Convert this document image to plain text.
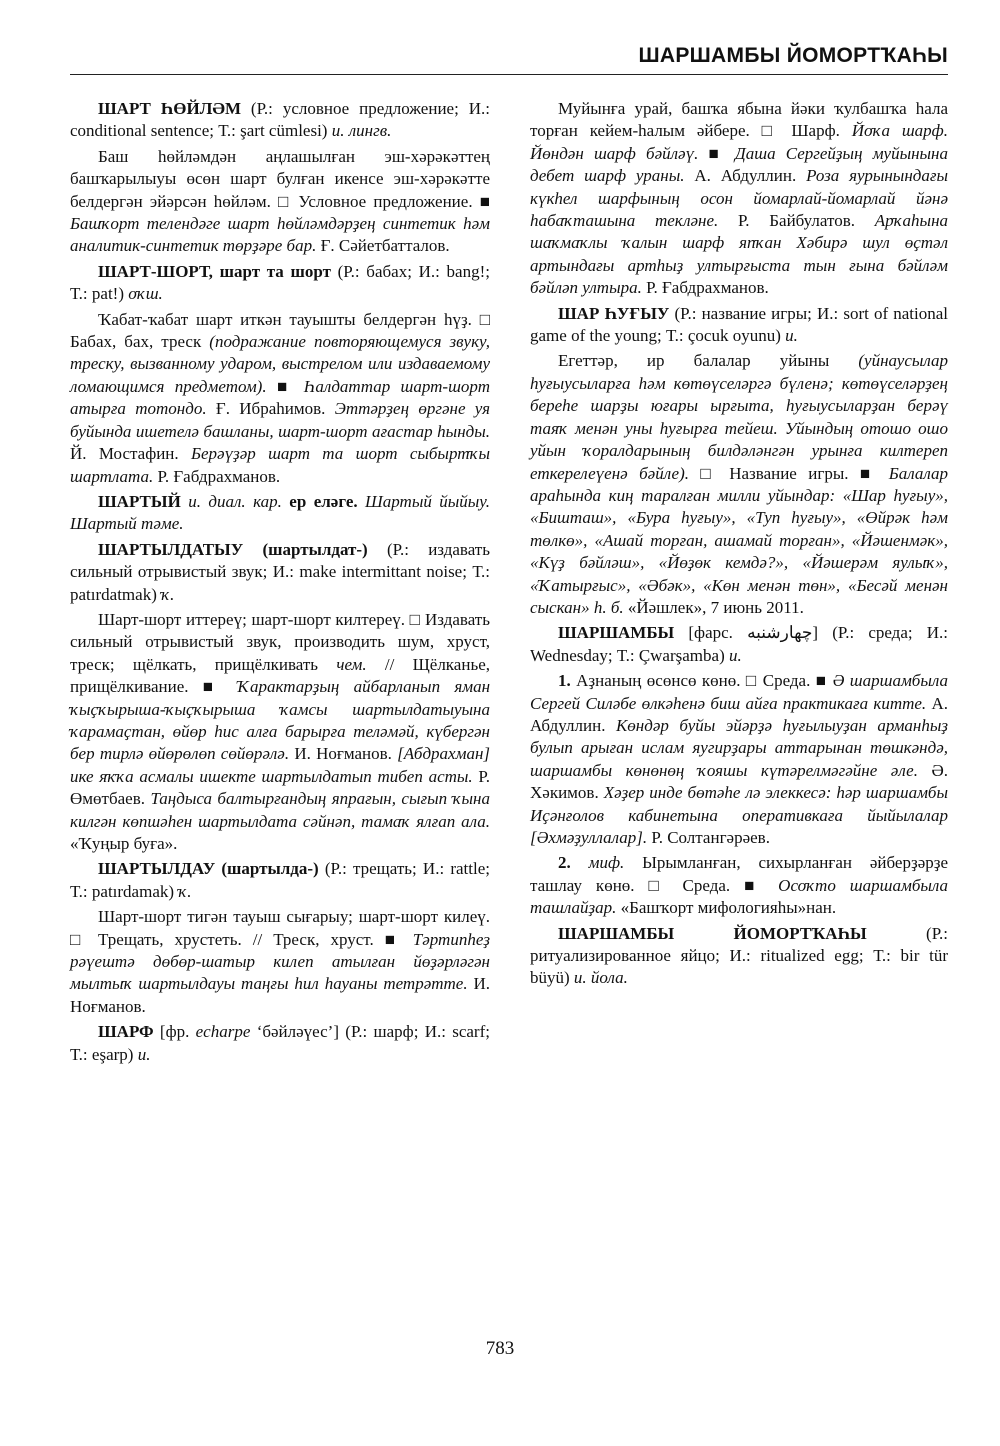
ШАРШАМБЫ ЙОМОРТҠАҺЫ

ШАРТ ҺӨЙЛӘМ (Р.: условное предложение; И.: conditional sentence; Т.: şart cümlesi) и. лингв.

Баш һөйләмдән аңлашылған эш-хәрәкәттең башҡарылыуы өсөн шарт булған икенсе эш-хәрәкәтте белдергән эйәрсән һөйләм. □ Условное предложение. ■ Башҡорт телендәге шарт һөйләмдәрҙең синтетик һәм аналитик-синтетик төрҙәре бар. Ғ. Сәйетбатталов.

ШАРТ-ШОРТ, шарт та шорт (Р.: бабах; И.: bang!; Т.: pat!) оҡш.

Ҡабат-ҡабат шарт иткән тауышты белдергән һүҙ. □ Бабах, бах, треск (подражание повторяющемуся звуку, треску, вызванному ударом, выстрелом или издаваемому ломающимся предметом). ■ Һалдаттар шарт-шорт атырға тотондо. Ғ. Ибраһимов. Эттәрҙең өргәне уя буйында ишетелә башланы, шарт-шорт ағастар һынды. Й. Мостафин. Берәүҙәр шарт та шорт сыбыртҡы шартлата. Р. Ғабдрахманов.

ШАРТЫЙ и. диал. кар. ер еләге. Шартый йыйыу. Шартый тәме.

ШАРТЫЛДАТЫУ (шартылдат-) (Р.: издавать сильный отрывистый звук; И.: make intermittant noise; Т.: patırdatmak) ҡ.

Шарт-шорт иттереү; шарт-шорт килтереү. □ Издавать сильный отрывистый звук, производить шум, хруст, треск; щёлкать, прищёлкивать чем. // Щёлканье, прищёлкивание. ■ Ҡарактарҙың айбарланып яман ҡыҫҡырыша-ҡыҫҡырыша ҡамсы шартылдатыуына ҡарамаҫтан, өйөр һис алға барырға теләмәй, күбергән бер тирлә өйөрөлөп сөйөрәлә. И. Ноғманов. [Абдрахман] ике яҡҡа асмалы ишекте шартылдатып тибеп асты. Р. Өмөтбаев. Таңдыса балтырғандың япрағын, сығып ҡына килгән көпшәһен шартылдата сәйнәп, тамаҡ ялғап ала. «Ҡуңыр буға».

ШАРТЫЛДАУ (шартылда-) (Р.: трещать; И.: rattle; Т.: patırdamak) ҡ.

Шарт-шорт тигән тауыш сығарыу; шарт-шорт килеү. □ Трещать, хрустеть. // Треск, хруст. ■ Тәртипһеҙ рәүештә дөбөр-шатыр килеп атылған йөҙәрләгән мылтыҡ шартылдауы таңғы һил һауаны тетрәтте. И. Ноғманов.

ШАРФ [фр. echarpe ‘бәйләүес’] (Р.: шарф; И.: scarf; Т.: eşarp) и.

Муйынға урай, башҡа ябына йәки ҡулбашҡа һала торған кейем-һалым әйбере. □ Шарф. Йоҡа шарф. Йөндән шарф бәйләү. ■ Даша Сергейҙың муйынына дебет шарф ураны. А. Абдуллин. Роза яурынындағы күкһел шарфының осон йомарлай-йомарлай йәнә һабаҡташына текләне. Р. Байбулатов. Арҡаһына шаҡмаҡлы ҡалын шарф япҡан Хәбирә шул өҫтәл артындағы артһыҙ ултырғыста тын ғына бәйләм бәйләп ултыра. Р. Ғабдрахманов.

ШАР ҺУҒЫУ (Р.: название игры; И.: sort of national game of the young; Т.: çocuk oyunu) и.

Егеттәр, ир балалар уйыны (уйнаусылар һуғыусыларға һәм көтөүселәргә бүленә; көтөүселәрҙең береһе шарҙы юғары ырғыта, һуғыусыларҙан берәү таяҡ менән уны һуғырға тейеш. Уйындың отошо ошо уйын ҡоралдарының билдәләнгән урынға килтереп еткерелеүенә бәйле). □ Название игры. ■ Балалар араһында киң таралған милли уйындар: «Шар һуғыу», «Бишташ», «Бура һуғыу», «Туп һуғыу», «Өйрәк һәм төлкө», «Ашай торған, ашамай торған», «Йәшенмәк», «Күҙ бәйләш», «Йөҙөк кемдә?», «Йәшерәм яулыҡ», «Ҡатырғыс», «Әбәк», «Көн менән төн», «Бесәй менән сыскан» h. б. «Йәшлек», 7 июнь 2011.

ШАРШАМБЫ [фарс. چهارشنبه] (Р.: среда; И.: Wednesday; Т.: Çwarşamba) и.

1. Аҙнаның өсөнсө көнө. □ Среда. ■ Ә шаршамбыла Сергей Силәбе өлкәһенә биш айға практикаға китте. А. Абдуллин. Көндәр буйы эйәрҙә һуғылыуҙан арманһыҙ булып арыған ислам яугирҙары аттарынан төшкәндә, шаршамбы көнөнөң ҡояшы күтәрелмәгәйне әле. Ә. Хәкимов. Хәҙер инде бөтәһе лә элеккесә: һәр шаршамбы Иҫәнғолов кабинетына оперативкаға йыйылалар [Әхмәҙуллалар]. Р. Солтангәрәев.

2. миф. Ырымланған, сихырланған әйберҙәрҙе ташлау көнө. □ Среда. ■ Осоҡто шаршамбыла ташлайҙар. «Башҡорт мифологияһы»нан.

ШАРШАМБЫ ЙОМОРТҠАҺЫ (Р.: ритуализированное яйцо; И.: ritualized egg; Т.: bir tür büyü) и. йола.

783
